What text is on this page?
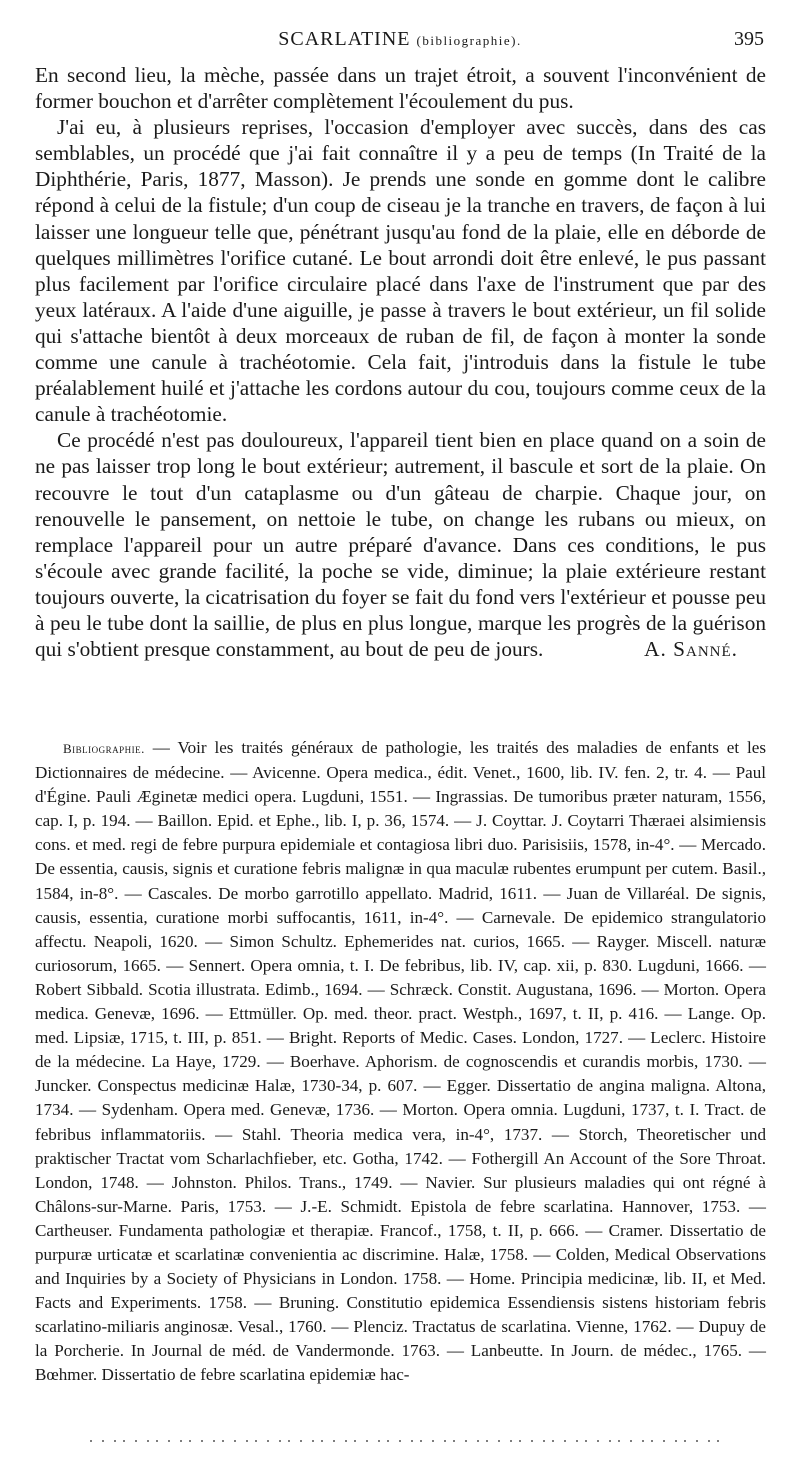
SCARLATINE (bibliographie).	395

En second lieu, la mèche, passée dans un trajet étroit, a souvent l'inconvénient de former bouchon et d'arrêter complètement l'écoulement du pus.

J'ai eu, à plusieurs reprises, l'occasion d'employer avec succès, dans des cas semblables, un procédé que j'ai fait connaître il y a peu de temps (In Traité de la Diphthérie, Paris, 1877, Masson). Je prends une sonde en gomme dont le calibre répond à celui de la fistule; d'un coup de ciseau je la tranche en travers, de façon à lui laisser une longueur telle que, pénétrant jusqu'au fond de la plaie, elle en déborde de quelques millimètres l'orifice cutané. Le bout arrondi doit être enlevé, le pus passant plus facilement par l'orifice circulaire placé dans l'axe de l'instrument que par des yeux latéraux. A l'aide d'une aiguille, je passe à travers le bout extérieur, un fil solide qui s'attache bientôt à deux morceaux de ruban de fil, de façon à monter la sonde comme une canule à trachéotomie. Cela fait, j'introduis dans la fistule le tube préalablement huilé et j'attache les cordons autour du cou, toujours comme ceux de la canule à trachéotomie.

Ce procédé n'est pas douloureux, l'appareil tient bien en place quand on a soin de ne pas laisser trop long le bout extérieur; autrement, il bascule et sort de la plaie. On recouvre le tout d'un cataplasme ou d'un gâteau de charpie. Chaque jour, on renouvelle le pansement, on nettoie le tube, on change les rubans ou mieux, on remplace l'appareil pour un autre préparé d'avance. Dans ces conditions, le pus s'écoule avec grande facilité, la poche se vide, diminue; la plaie extérieure restant toujours ouverte, la cicatrisation du foyer se fait du fond vers l'extérieur et pousse peu à peu le tube dont la saillie, de plus en plus longue, marque les progrès de la guérison qui s'obtient presque constamment, au bout de peu de jours.	A. Sanné.

Bibliographie. — Voir les traités généraux de pathologie, les traités des maladies de enfants et les Dictionnaires de médecine. — Avicenne. Opera medica., édit. Venet., 1600, lib. IV. fen. 2, tr. 4. — Paul d'Égine. Pauli Æginetæ medici opera. Lugduni, 1551. — Ingrassias. De tumoribus præter naturam, 1556, cap. I, p. 194. — Baillon. Epid. et Ephe., lib. I, p. 36, 1574. — J. Coyttar. J. Coytarri Thæraei alsimiensis cons. et med. regi de febre purpura epidemiale et contagiosa libri duo. Parisisiis, 1578, in-4°. — Mercado. De essentia, causis, signis et curatione febris malignæ in qua maculæ rubentes erumpunt per cutem. Basil., 1584, in-8°. — Cascales. De morbo garrotillo appellato. Madrid, 1611. — Juan de Villaréal. De signis, causis, essentia, curatione morbi suffocantis, 1611, in-4°. — Carnevale. De epidemico strangulatorio affectu. Neapoli, 1620. — Simon Schultz. Ephemerides nat. curios, 1665. — Rayger. Miscell. naturæ curiosorum, 1665. — Sennert. Opera omnia, t. I. De febribus, lib. IV, cap. xii, p. 830. Lugduni, 1666. — Robert Sibbald. Scotia illustrata. Edimb., 1694. — Schræck. Constit. Augustana, 1696. — Morton. Opera medica. Genevæ, 1696. — Ettmüller. Op. med. theor. pract. Westph., 1697, t. II, p. 416. — Lange. Op. med. Lipsiæ, 1715, t. III, p. 851. — Bright. Reports of Medic. Cases. London, 1727. — Leclerc. Histoire de la médecine. La Haye, 1729. — Boerhave. Aphorism. de cognoscendis et curandis morbis, 1730. — Juncker. Conspectus medicinæ Halæ, 1730-34, p. 607. — Egger. Dissertatio de angina maligna. Altona, 1734. — Sydenham. Opera med. Genevæ, 1736. — Morton. Opera omnia. Lugduni, 1737, t. I. Tract. de febribus inflammatoriis. — Stahl. Theoria medica vera, in-4°, 1737. — Storch, Theoretischer und praktischer Tractat vom Scharlachfieber, etc. Gotha, 1742. — Fothergill An Account of the Sore Throat. London, 1748. — Johnston. Philos. Trans., 1749. — Navier. Sur plusieurs maladies qui ont régné à Châlons-sur-Marne. Paris, 1753. — J.-E. Schmidt. Epistola de febre scarlatina. Hannover, 1753. — Cartheuser. Fundamenta pathologiæ et therapiæ. Francof., 1758, t. II, p. 666. — Cramer. Dissertatio de purpuræ urticatæ et scarlatinæ convenientia ac discrimine. Halæ, 1758. — Colden, Medical Observations and Inquiries by a Society of Physicians in London. 1758. — Home. Principia medicinæ, lib. II, et Med. Facts and Experiments. 1758. — Bruning. Constitutio epidemica Essendiensis sistens historiam febris scarlatino-miliaris anginosæ. Vesal., 1760. — Plenciz. Tractatus de scarlatina. Vienne, 1762. — Dupuy de la Porcherie. In Journal de méd. de Vandermonde. 1763. — Lanbeutte. In Journ. de médec., 1765. — Bœhmer. Dissertatio de febre scarlatina epidemiæ hac-
